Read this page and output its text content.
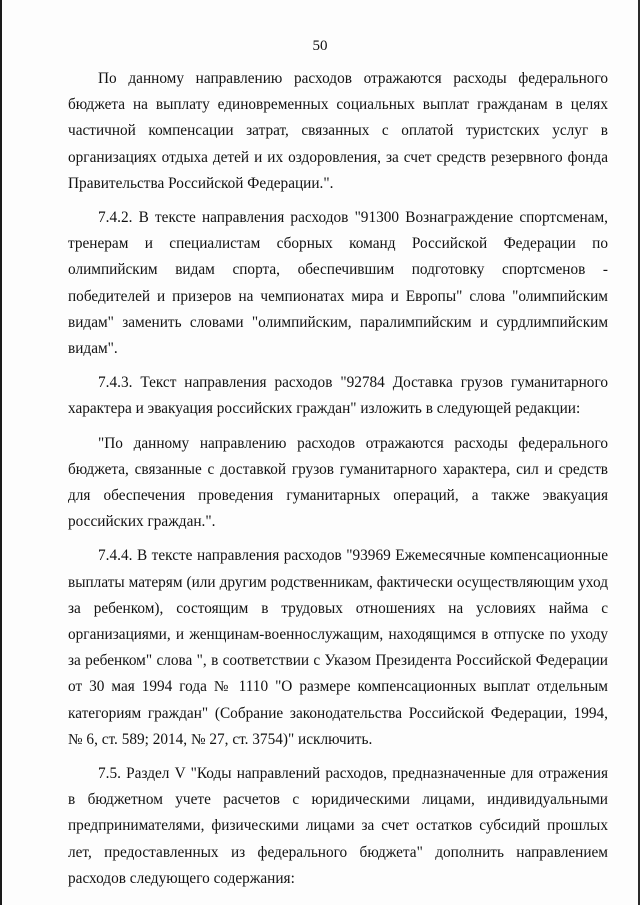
50

По данному направлению расходов отражаются расходы федерального бюджета на выплату единовременных социальных выплат гражданам в целях частичной компенсации затрат, связанных с оплатой туристских услуг в организациях отдыха детей и их оздоровления, за счет средств резервного фонда Правительства Российской Федерации.".

7.4.2. В тексте направления расходов "91300 Вознаграждение спортсменам, тренерам и специалистам сборных команд Российской Федерации по олимпийским видам спорта, обеспечившим подготовку спортсменов - победителей и призеров на чемпионатах мира и Европы" слова "олимпийским видам" заменить словами "олимпийским, паралимпийским и сурдлимпийским видам".

7.4.3. Текст направления расходов "92784 Доставка грузов гуманитарного характера и эвакуация российских граждан" изложить в следующей редакции:

"По данному направлению расходов отражаются расходы федерального бюджета, связанные с доставкой грузов гуманитарного характера, сил и средств для обеспечения проведения гуманитарных операций, а также эвакуация российских граждан.".

7.4.4. В тексте направления расходов "93969 Ежемесячные компенсационные выплаты матерям (или другим родственникам, фактически осуществляющим уход за ребенком), состоящим в трудовых отношениях на условиях найма с организациями, и женщинам-военнослужащим, находящимся в отпуске по уходу за ребенком" слова ", в соответствии с Указом Президента Российской Федерации от 30 мая 1994 года № 1110 "О размере компенсационных выплат отдельным категориям граждан" (Собрание законодательства Российской Федерации, 1994, № 6, ст. 589; 2014, № 27, ст. 3754)" исключить.

7.5. Раздел V "Коды направлений расходов, предназначенные для отражения в бюджетном учете расчетов с юридическими лицами, индивидуальными предпринимателями, физическими лицами за счет остатков субсидий прошлых лет, предоставленных из федерального бюджета" дополнить направлением расходов следующего содержания:
